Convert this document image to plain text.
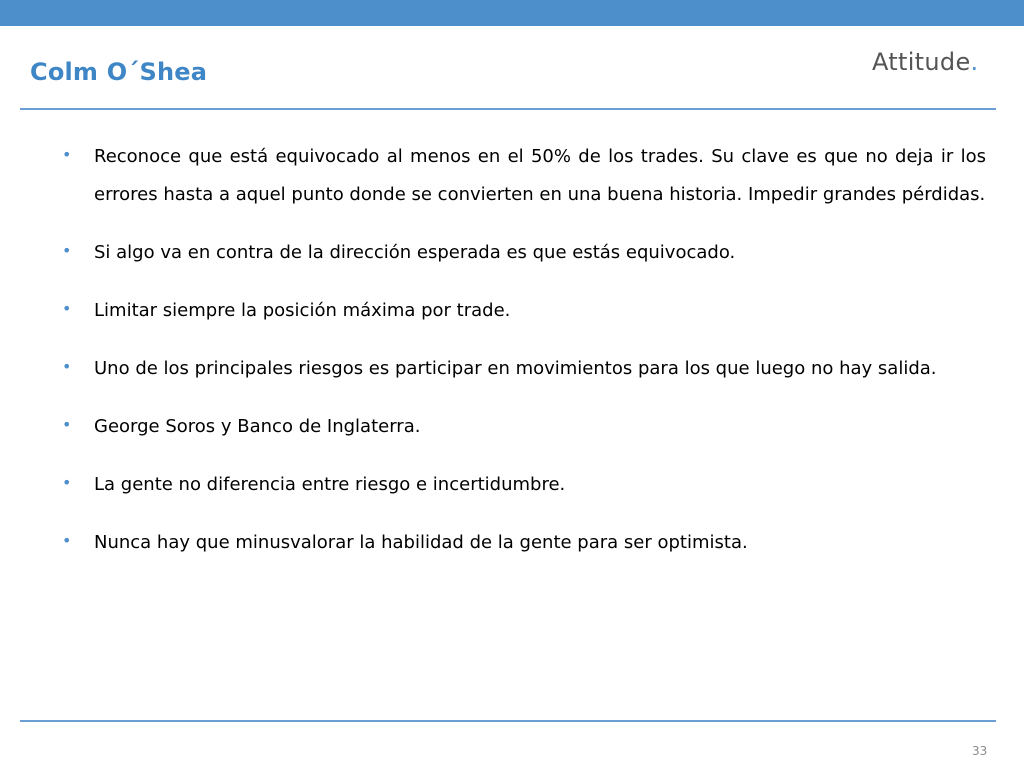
Colm O´Shea	Attitude.
• Reconoce que está equivocado al menos en el 50% de los trades. Su clave es que no deja ir los errores hasta a aquel punto donde se convierten en una buena historia. Impedir grandes pérdidas.
• Si algo va en contra de la dirección esperada es que estás equivocado.
• Limitar siempre la posición máxima por trade.
• Uno de los principales riesgos es participar en movimientos para los que luego no hay salida.
• George Soros y Banco de Inglaterra.
• La gente no diferencia entre riesgo e incertidumbre.
• Nunca hay que minusvalorar la habilidad de la gente para ser optimista.
33
